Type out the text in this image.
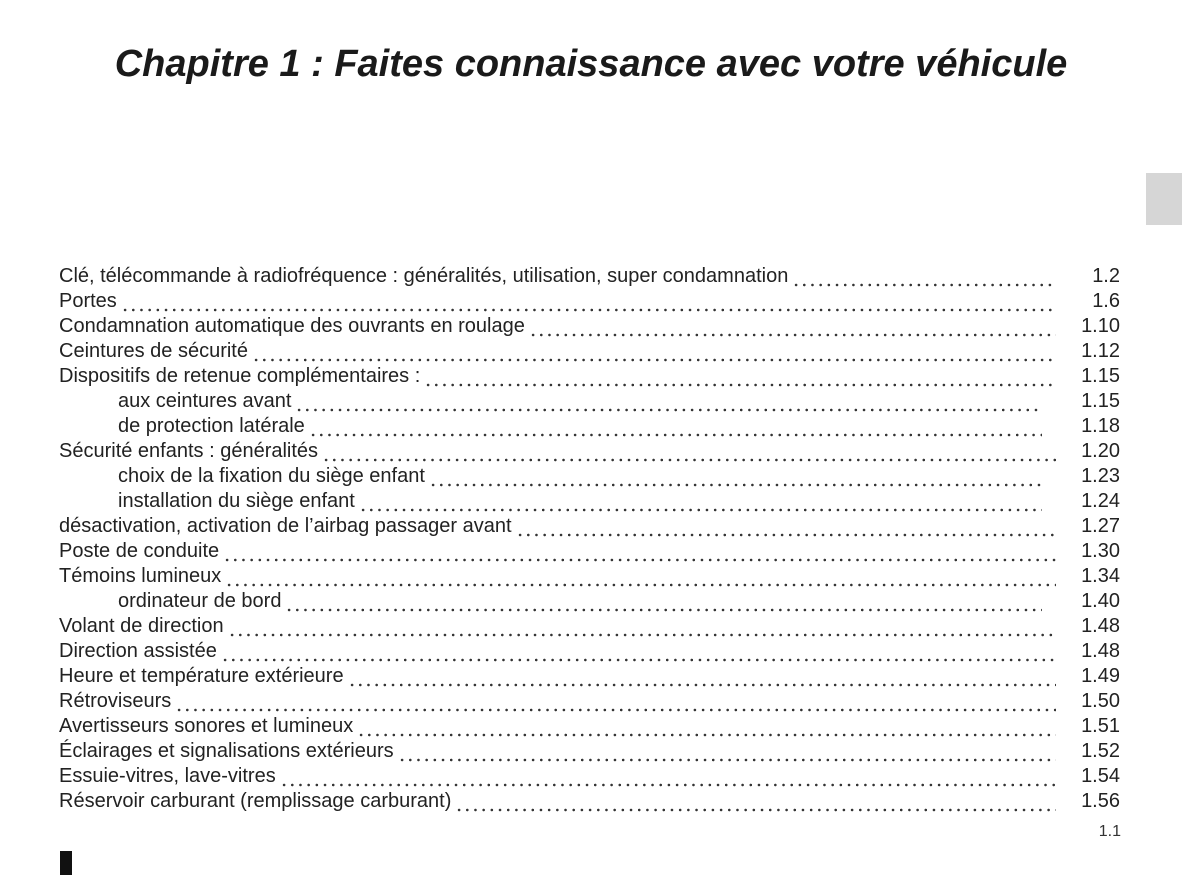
Chapitre 1 : Faites connaissance avec votre véhicule
Clé, télécommande à radiofréquence : généralités, utilisation, super condamnation	1.2
Portes	1.6
Condamnation automatique des ouvrants en roulage	1.10
Ceintures de sécurité	1.12
Dispositifs de retenue complémentaires :	1.15
aux ceintures avant	1.15
de protection latérale	1.18
Sécurité enfants : généralités	1.20
choix de la fixation du siège enfant	1.23
installation du siège enfant	1.24
désactivation, activation de l’airbag passager avant	1.27
Poste de conduite	1.30
Témoins lumineux	1.34
ordinateur de bord	1.40
Volant de direction	1.48
Direction assistée	1.48
Heure et température extérieure	1.49
Rétroviseurs	1.50
Avertisseurs sonores et lumineux	1.51
Éclairages et signalisations extérieurs	1.52
Essuie-vitres, lave-vitres	1.54
Réservoir carburant (remplissage carburant)	1.56
1.1
